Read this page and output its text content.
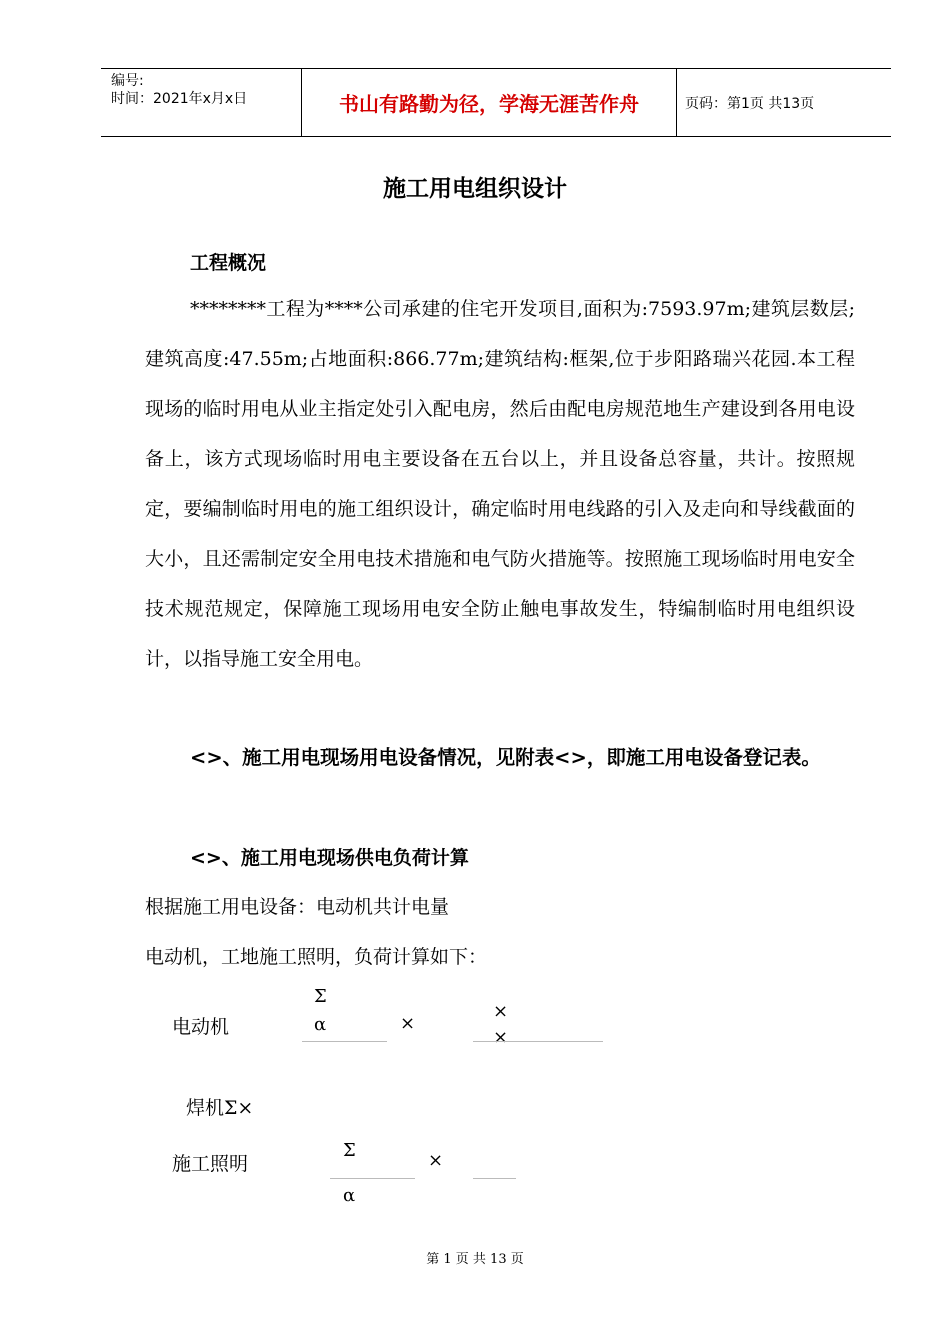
编号:
时间：2021年x月x日	书山有路勤为径，学海无涯苦作舟	页码：第1页 共13页
施工用电组织设计
工程概况
********工程为****公司承建的住宅开发项目,面积为:7593.97m;建筑层数层;建筑高度:47.55m;占地面积:866.77m;建筑结构:框架,位于步阳路瑞兴花园.本工程现场的临时用电从业主指定处引入配电房，然后由配电房规范地生产建设到各用电设备上，该方式现场临时用电主要设备在五台以上，并且设备总容量，共计。按照规定，要编制临时用电的施工组织设计，确定临时用电线路的引入及走向和导线截面的大小，且还需制定安全用电技术措施和电气防火措施等。按照施工现场临时用电安全技术规范规定，保障施工现场用电安全防止触电事故发生，特编制临时用电组织设计，以指导施工安全用电。
<>、施工用电现场用电设备情况，见附表<>，即施工用电设备登记表。
<>、施工用电现场供电负荷计算
根据施工用电设备：电动机共计电量
电动机，工地施工照明，负荷计算如下：
电动机
Σ
α	×
×
×
焊机Σ×
施工照明
Σ	×
α
第 1 页 共 13 页
